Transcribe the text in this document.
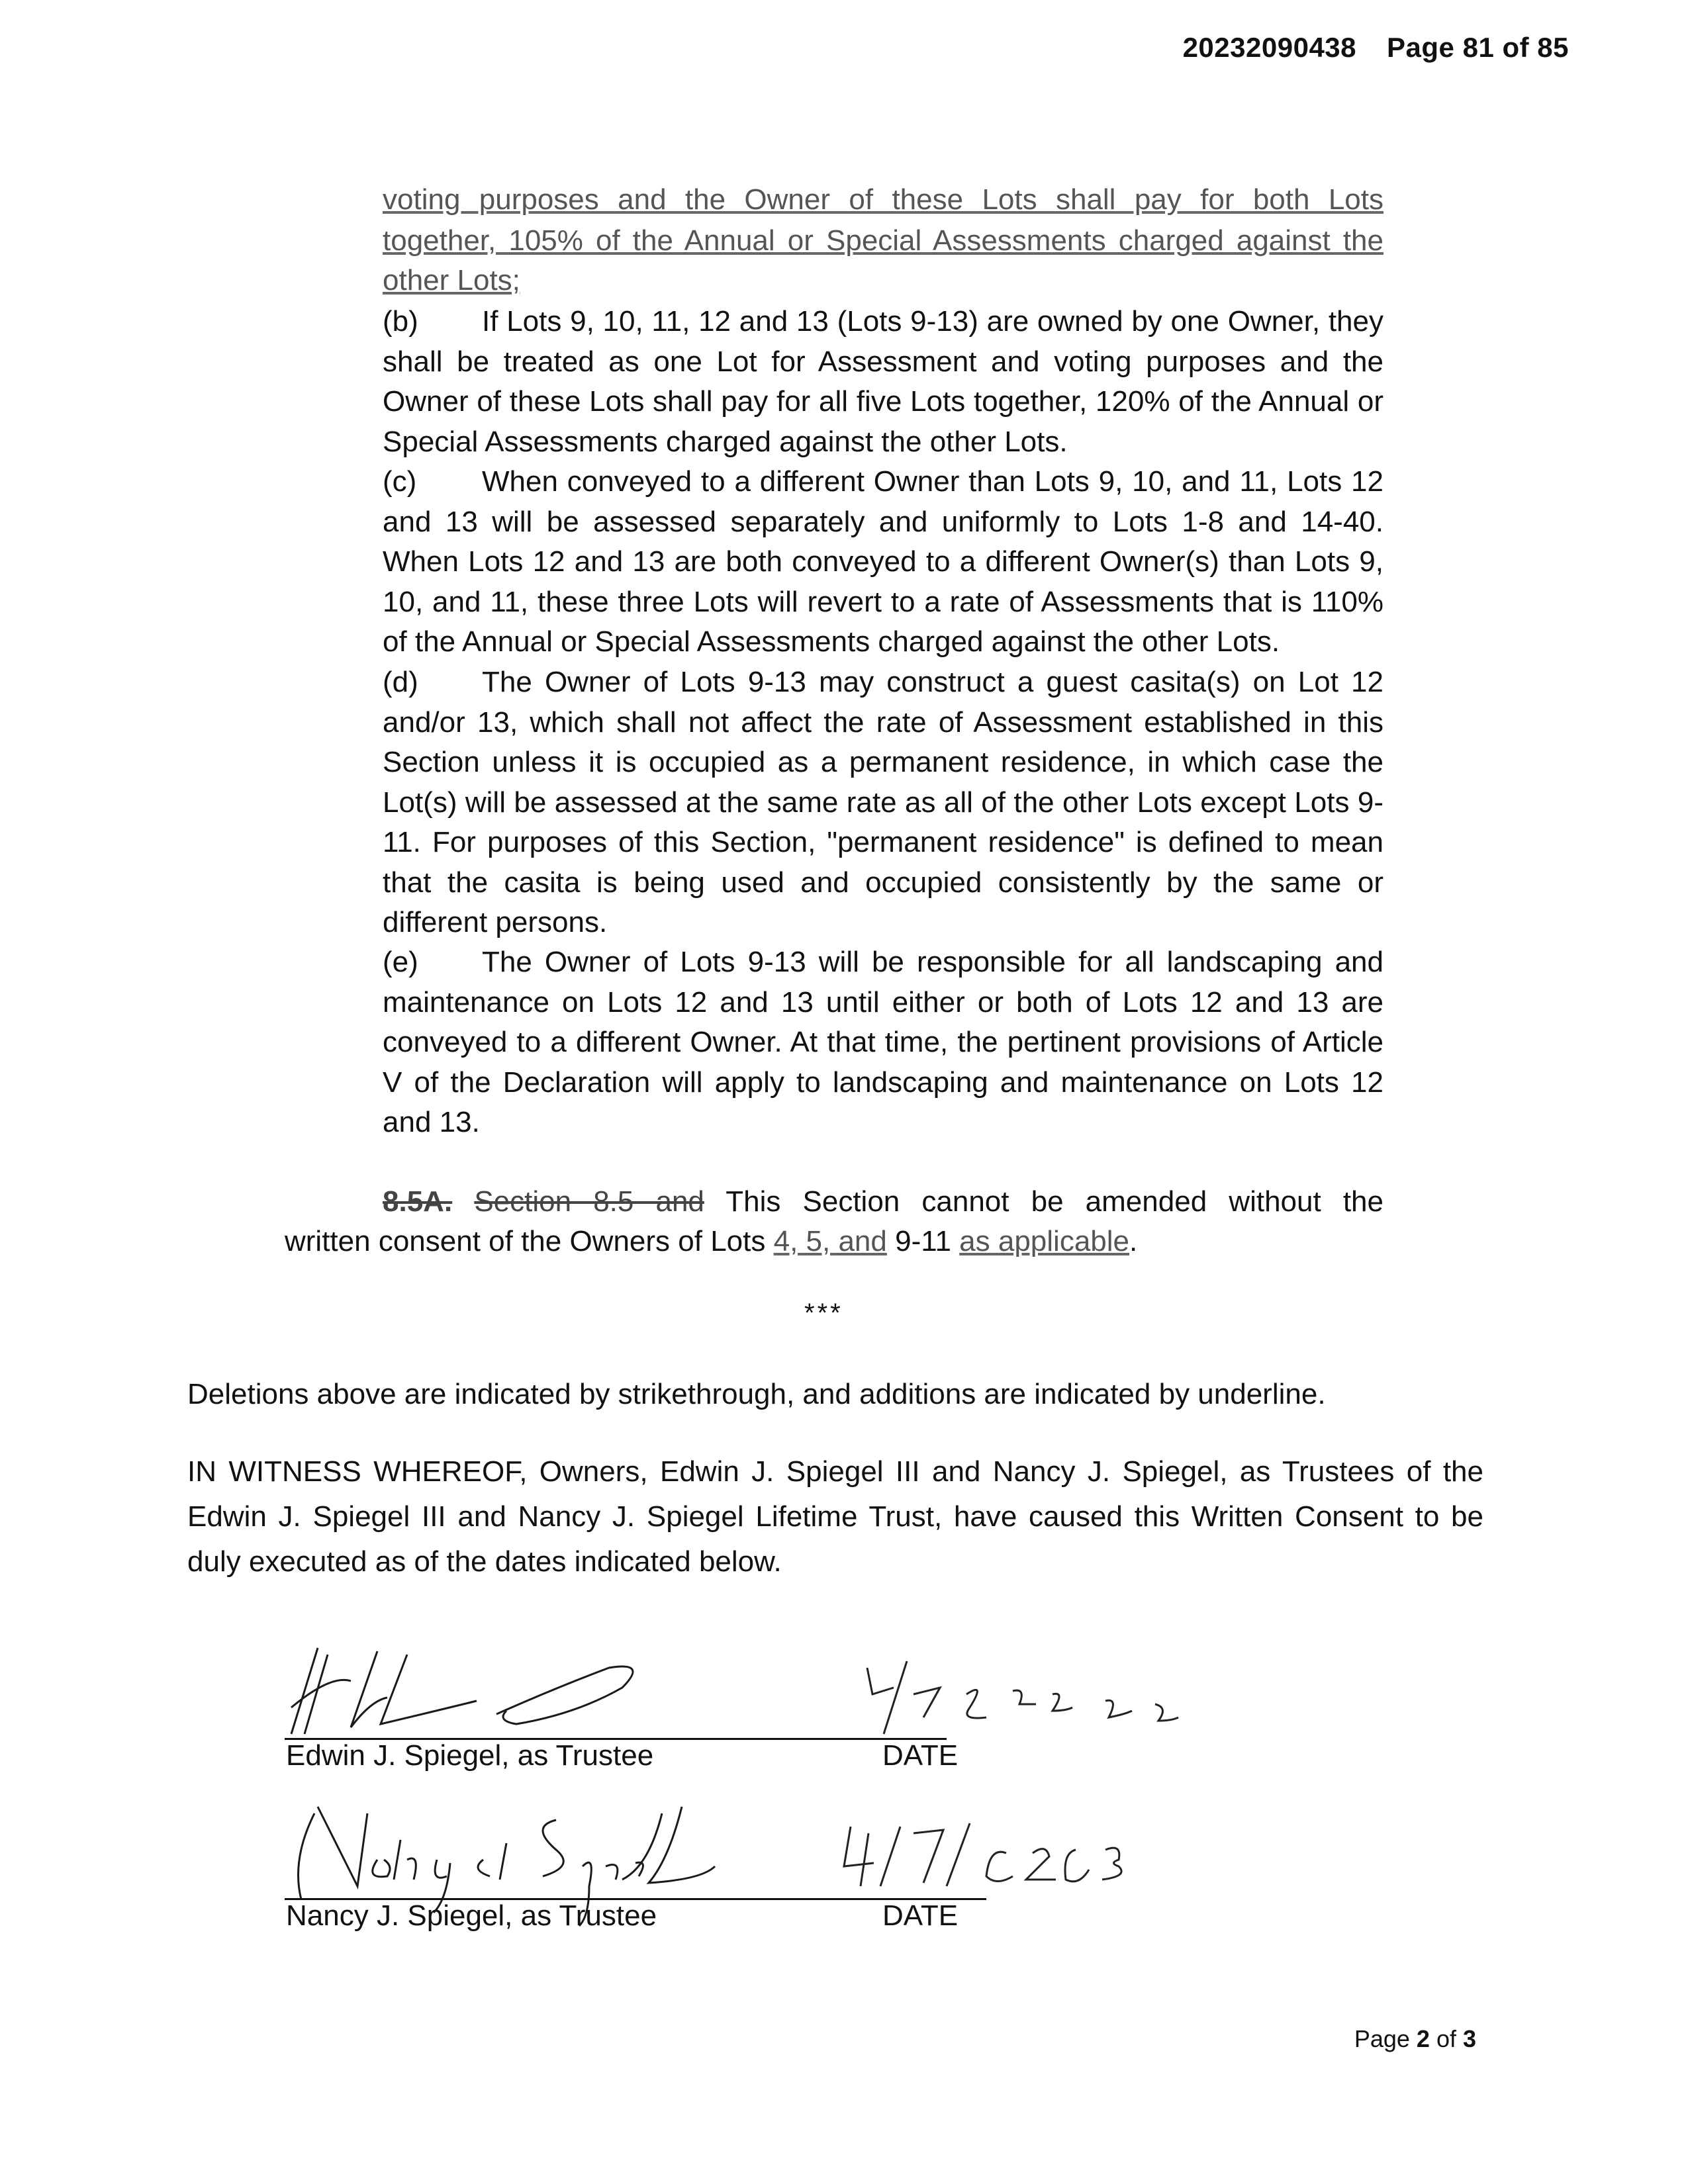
20232090438 Page 81 of 85
voting purposes and the Owner of these Lots shall pay for both Lots
together, 105% of the Annual or Special Assessments charged against the
other Lots;

(b) If Lots 9, 10, 11, 12 and 13 (Lots 9-13) are owned by one Owner, they shall be treated as one Lot for Assessment and voting purposes and the Owner of these Lots shall pay for all five Lots together, 120% of the Annual or Special Assessments charged against the other Lots.

(c) When conveyed to a different Owner than Lots 9, 10, and 11, Lots 12 and 13 will be assessed separately and uniformly to Lots 1-8 and 14-40. When Lots 12 and 13 are both conveyed to a different Owner(s) than Lots 9, 10, and 11, these three Lots will revert to a rate of Assessments that is 110% of the Annual or Special Assessments charged against the other Lots.

(d) The Owner of Lots 9-13 may construct a guest casita(s) on Lot 12 and/or 13, which shall not affect the rate of Assessment established in this Section unless it is occupied as a permanent residence, in which case the Lot(s) will be assessed at the same rate as all of the other Lots except Lots 9-11. For purposes of this Section, "permanent residence" is defined to mean that the casita is being used and occupied consistently by the same or different persons.

(e) The Owner of Lots 9-13 will be responsible for all landscaping and maintenance on Lots 12 and 13 until either or both of Lots 12 and 13 are conveyed to a different Owner. At that time, the pertinent provisions of Article V of the Declaration will apply to landscaping and maintenance on Lots 12 and 13.

8.5A. Section 8.5 and This Section cannot be amended without the
written consent of the Owners of Lots 4, 5, and 9-11 as applicable.
***
Deletions above are indicated by strikethrough, and additions are indicated by underline.
IN WITNESS WHEREOF, Owners, Edwin J. Spiegel III and Nancy J. Spiegel, as Trustees of the Edwin J. Spiegel III and Nancy J. Spiegel Lifetime Trust, have caused this Written Consent to be duly executed as of the dates indicated below.
Edwin J. Spiegel, as Trustee	DATE
Nancy J. Spiegel, as Trustee	DATE
Page 2 of 3
